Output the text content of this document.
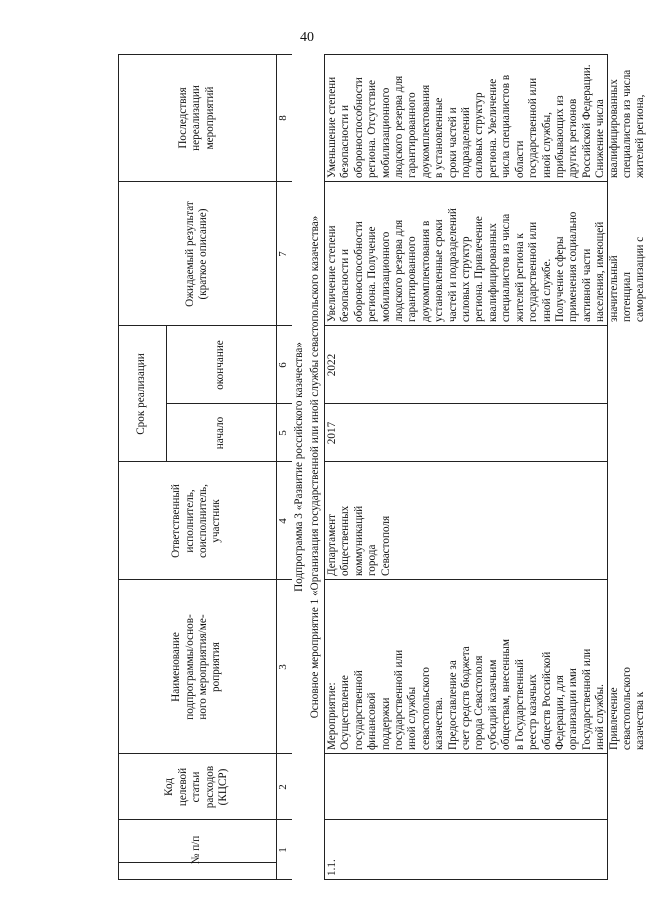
40
№ п/п
Код целевой статьи расходов (КЦСР)
Наименование подпрограммы/основ- ного мероприятия/ме- роприятия
Ответственный исполнитель, соисполнитель, участник
Срок реализации	начало
окончание
Ожидаемый результат (краткое описание)
Последствия нереализации мероприятий
1
2
3
4
5
6
7
8
Подпрограмма 3 «Развитие российского казачества» Основное мероприятие 1 «Организация государственной или иной службы севастопольского казачества»
1.1.
Мероприятие: Осуществление государственной финансовой поддержки государственной или иной службы севастопольского казачества. Предоставление за счет средств бюджета города Севастополя субсидий казачьим обществам, внесенным в Государственный реестр казачьих обществ Российской Федерации, для организации ими Государственной или иной службы. Привлечение севастопольского казачества к
Департамент общественных коммуникаций города Севастополя
2017
2022
Увеличение степени безопасности и обороноспособности региона. Получение мобилизационного людского резерва для гарантированного доукомплектования в установленные сроки частей и подразделений силовых структур региона. Привлечение квалифицированных специалистов из числа жителей региона к государственной или иной службе. Получение сферы применения социально активной части населения, имеющей значительный потенциал самореализации с
Уменьшение степени безопасности и обороноспособности региона. Отсутствие мобилизационного людского резерва для гарантированного доукомплектования в установленные сроки частей и подразделений силовых структур региона. Увеличение числа специалистов в области государственной или иной службы, прибывающих из других регионов Российской Федерации. Снижение числа квалифицированных специалистов из числа жителей региона,
